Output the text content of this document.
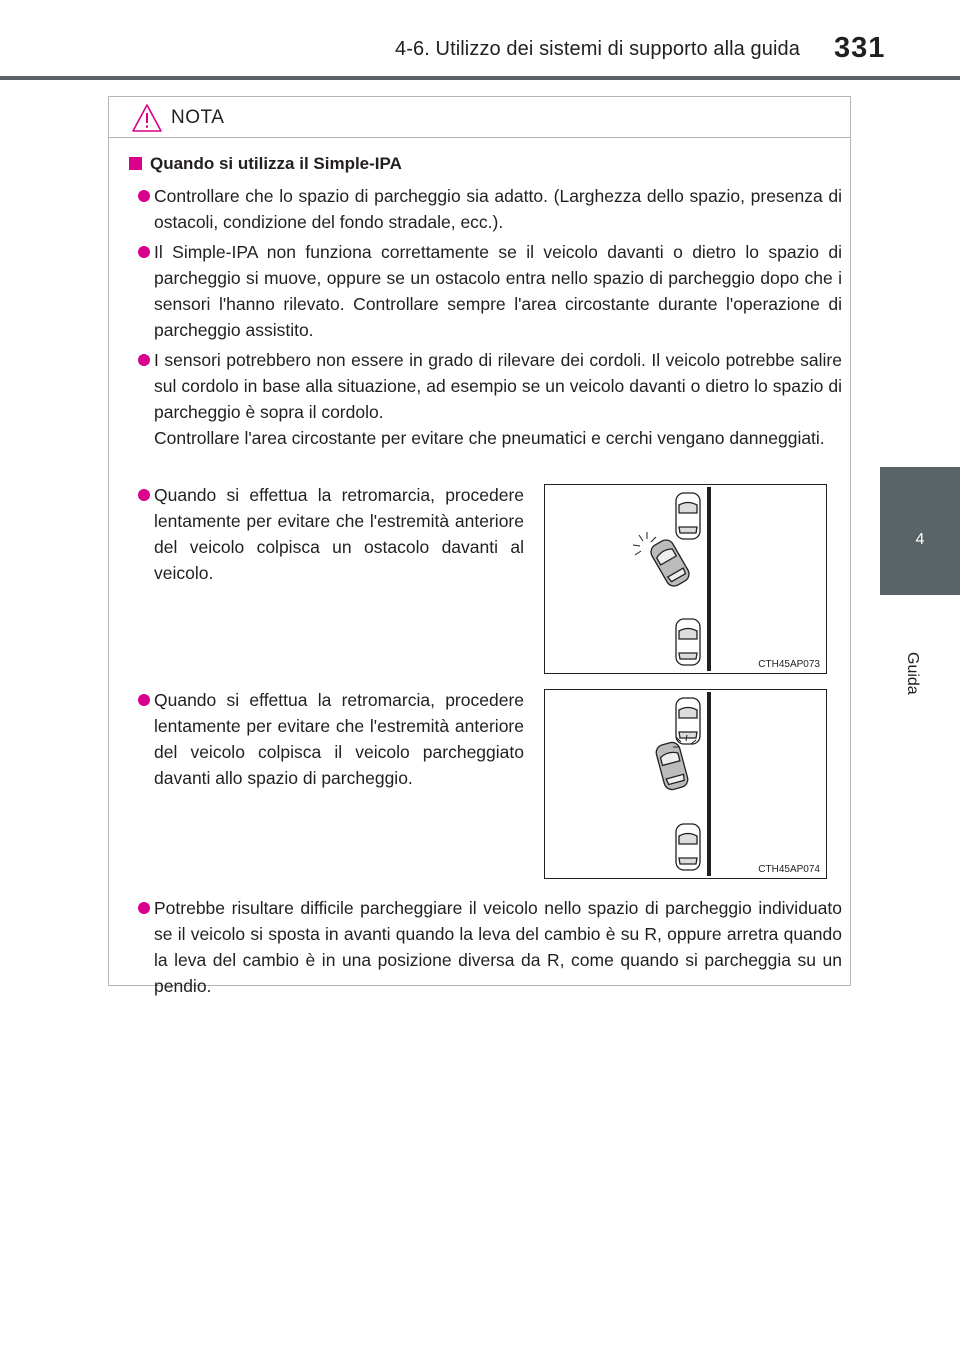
4-6. Utilizzo dei sistemi di supporto alla guida 331
4
Guida
NOTA
Quando si utilizza il Simple-IPA

Controllare che lo spazio di parcheggio sia adatto. (Larghezza dello spazio, presenza di ostacoli, condizione del fondo stradale, ecc.).

Il Simple-IPA non funziona correttamente se il veicolo davanti o dietro lo spazio di parcheggio si muove, oppure se un ostacolo entra nello spazio di parcheggio dopo che i sensori l'hanno rilevato. Controllare sempre l'area circostante durante l'operazione di parcheggio assistito.

I sensori potrebbero non essere in grado di rilevare dei cordoli. Il veicolo potrebbe salire sul cordolo in base alla situazione, ad esempio se un veicolo davanti o dietro lo spazio di parcheggio è sopra il cordolo.

Controllare l'area circostante per evitare che pneumatici e cerchi vengano danneggiati.

Quando si effettua la retromarcia, procedere lentamente per evitare che l'estremità anteriore del veicolo colpisca un ostacolo davanti al veicolo.

CTH45AP073

Quando si effettua la retromarcia, procedere lentamente per evitare che l'estremità anteriore del veicolo colpisca il veicolo parcheggiato davanti allo spazio di parcheggio.

CTH45AP074

Potrebbe risultare difficile parcheggiare il veicolo nello spazio di parcheggio individuato se il veicolo si sposta in avanti quando la leva del cambio è su R, oppure arretra quando la leva del cambio è in una posizione diversa da R, come quando si parcheggia su un pendio.
